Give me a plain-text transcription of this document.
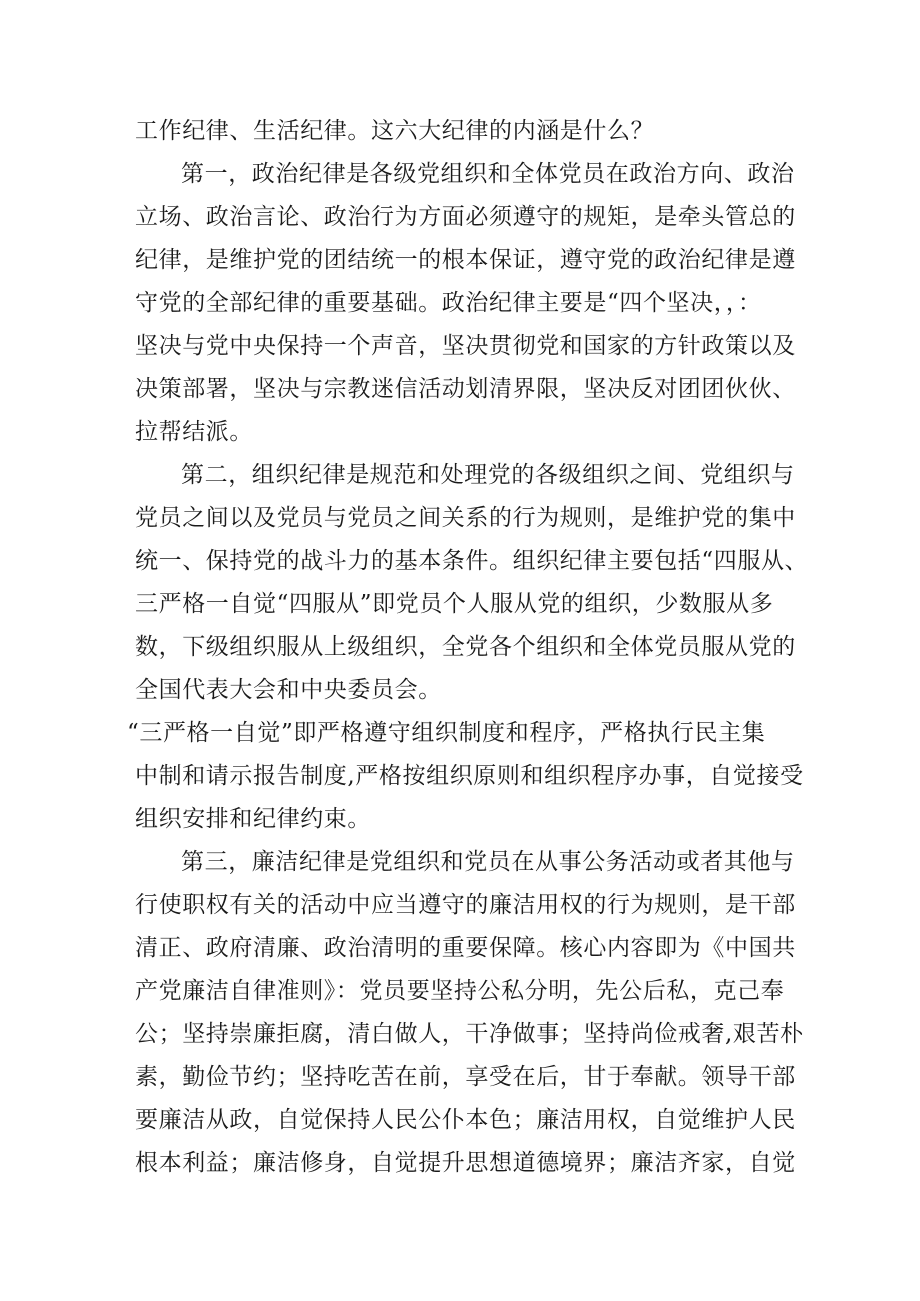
工作纪律、生活纪律。这六大纪律的内涵是什么？
第一，政治纪律是各级党组织和全体党员在政治方向、政治
立场、政治言论、政治行为方面必须遵守的规矩，是牵头管总的
纪律，是维护党的团结统一的根本保证，遵守党的政治纪律是遵
守党的全部纪律的重要基础。政治纪律主要是“四个坚决，，：
坚决与党中央保持一个声音，坚决贯彻党和国家的方针政策以及
决策部署，坚决与宗教迷信活动划清界限，坚决反对团团伙伙、
拉帮结派。
第二，组织纪律是规范和处理党的各级组织之间、党组织与
党员之间以及党员与党员之间关系的行为规则，是维护党的集中
统一、保持党的战斗力的基本条件。组织纪律主要包括“四服从、
三严格一自觉“四服从”即党员个人服从党的组织，少数服从多
数，下级组织服从上级组织，全党各个组织和全体党员服从党的
全国代表大会和中央委员会。
“三严格一自觉”即严格遵守组织制度和程序，严格执行民主集
中制和请示报告制度,严格按组织原则和组织程序办事，自觉接受
组织安排和纪律约束。
第三，廉洁纪律是党组织和党员在从事公务活动或者其他与
行使职权有关的活动中应当遵守的廉洁用权的行为规则，是干部
清正、政府清廉、政治清明的重要保障。核心内容即为《中国共
产党廉洁自律准则》：党员要坚持公私分明，先公后私，克己奉
公；坚持崇廉拒腐，清白做人，干净做事；坚持尚俭戒奢,艰苦朴
素，勤俭节约；坚持吃苦在前，享受在后，甘于奉献。领导干部
要廉洁从政，自觉保持人民公仆本色；廉洁用权，自觉维护人民
根本利益；廉洁修身，自觉提升思想道德境界；廉洁齐家，自觉
